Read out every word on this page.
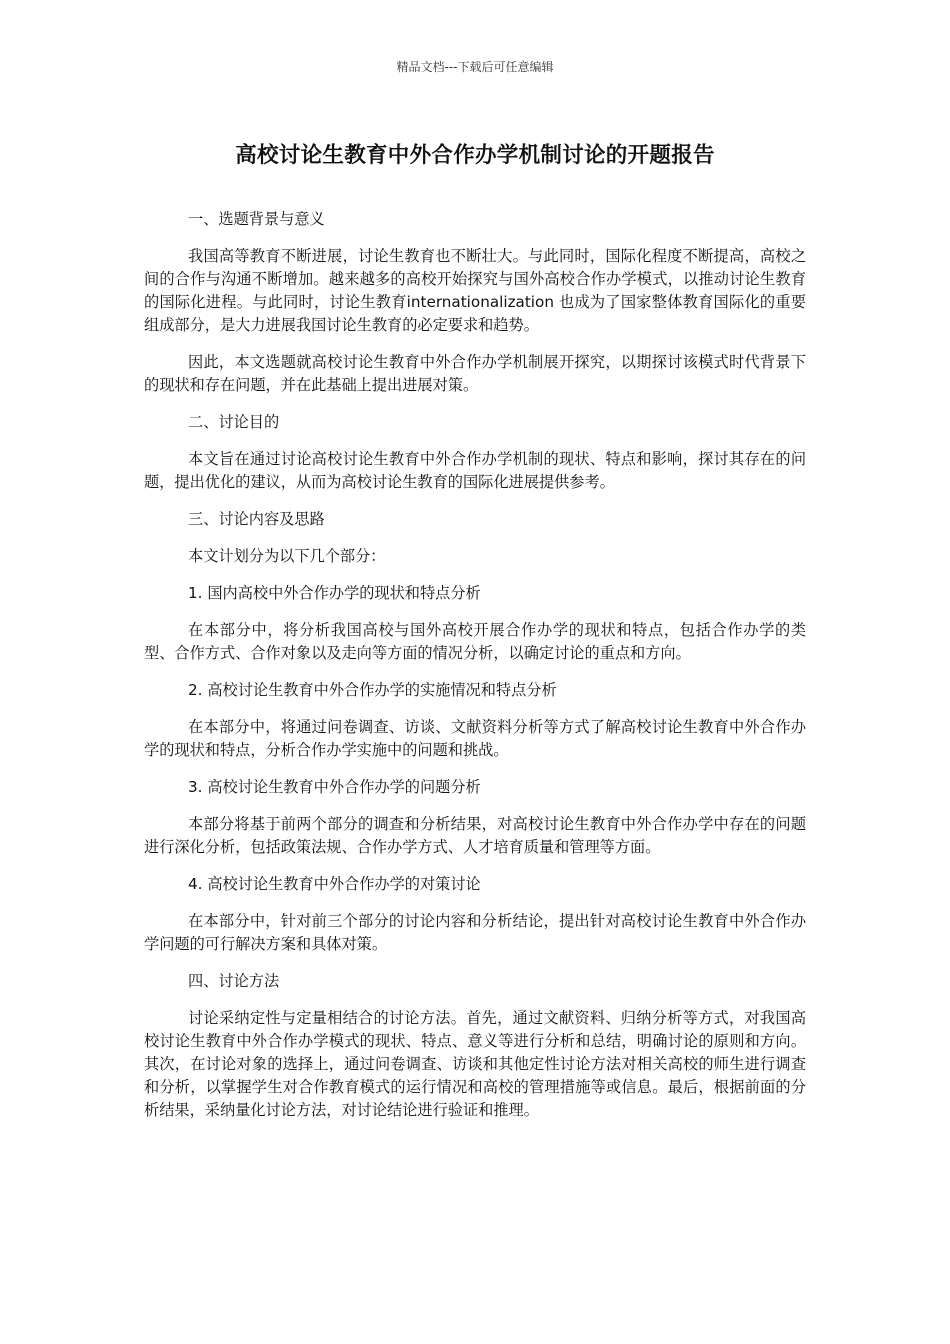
精品文档---下载后可任意编辑
高校讨论生教育中外合作办学机制讨论的开题报告

一、选题背景与意义

我国高等教育不断进展，讨论生教育也不断壮大。与此同时，国际化程度不断提高，高校之间的合作与沟通不断增加。越来越多的高校开始探究与国外高校合作办学模式，以推动讨论生教育的国际化进程。与此同时，讨论生教育internationalization 也成为了国家整体教育国际化的重要组成部分，是大力进展我国讨论生教育的必定要求和趋势。

因此，本文选题就高校讨论生教育中外合作办学机制展开探究，以期探讨该模式时代背景下的现状和存在问题，并在此基础上提出进展对策。

二、讨论目的

本文旨在通过讨论高校讨论生教育中外合作办学机制的现状、特点和影响，探讨其存在的问题，提出优化的建议，从而为高校讨论生教育的国际化进展提供参考。

三、讨论内容及思路

本文计划分为以下几个部分：

1. 国内高校中外合作办学的现状和特点分析

在本部分中，将分析我国高校与国外高校开展合作办学的现状和特点，包括合作办学的类型、合作方式、合作对象以及走向等方面的情况分析，以确定讨论的重点和方向。

2. 高校讨论生教育中外合作办学的实施情况和特点分析

在本部分中，将通过问卷调查、访谈、文献资料分析等方式了解高校讨论生教育中外合作办学的现状和特点，分析合作办学实施中的问题和挑战。

3. 高校讨论生教育中外合作办学的问题分析

本部分将基于前两个部分的调查和分析结果，对高校讨论生教育中外合作办学中存在的问题进行深化分析，包括政策法规、合作办学方式、人才培育质量和管理等方面。

4. 高校讨论生教育中外合作办学的对策讨论

在本部分中，针对前三个部分的讨论内容和分析结论，提出针对高校讨论生教育中外合作办学问题的可行解决方案和具体对策。

四、讨论方法

讨论采纳定性与定量相结合的讨论方法。首先，通过文献资料、归纳分析等方式，对我国高校讨论生教育中外合作办学模式的现状、特点、意义等进行分析和总结，明确讨论的原则和方向。其次，在讨论对象的选择上，通过问卷调查、访谈和其他定性讨论方法对相关高校的师生进行调查和分析，以掌握学生对合作教育模式的运行情况和高校的管理措施等或信息。最后，根据前面的分析结果，采纳量化讨论方法，对讨论结论进行验证和推理。
